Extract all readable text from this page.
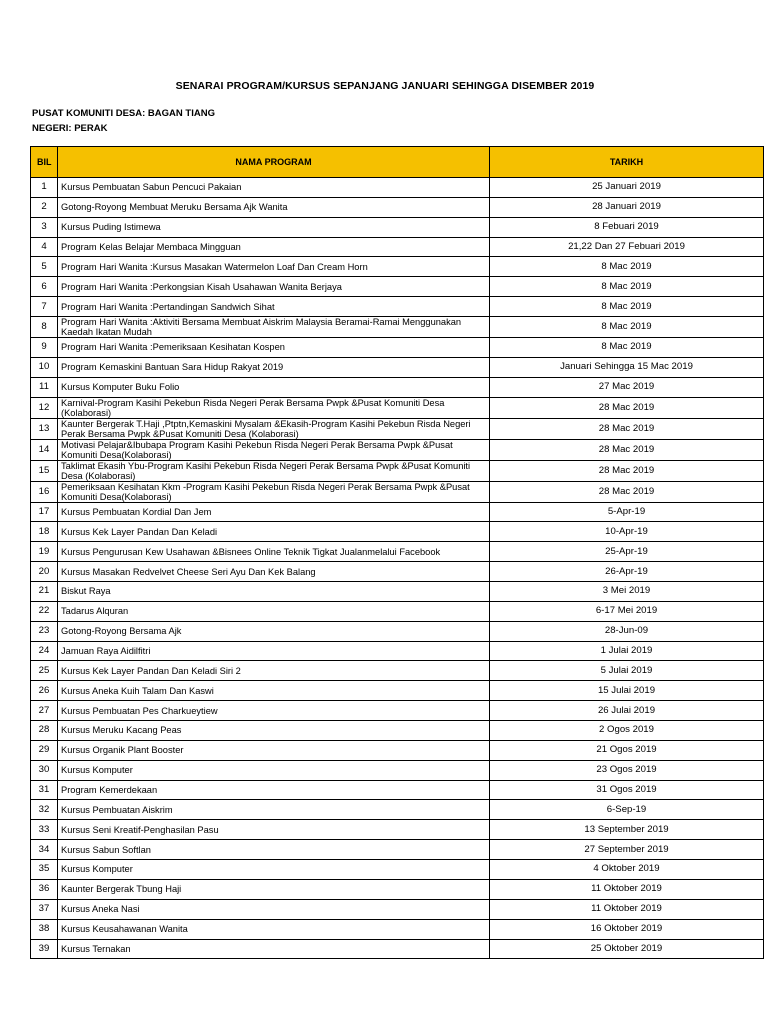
SENARAI PROGRAM/KURSUS SEPANJANG JANUARI SEHINGGA DISEMBER 2019
PUSAT KOMUNITI DESA: BAGAN TIANG
NEGERI: PERAK
BIL	NAMA PROGRAM	TARIKH
1	Kursus Pembuatan Sabun Pencuci Pakaian	25 Januari 2019
2	Gotong-Royong Membuat Meruku Bersama Ajk Wanita	28 Januari 2019
3	Kursus Puding Istimewa	8 Febuari 2019
4	Program Kelas Belajar Membaca Mingguan	21,22 Dan 27 Febuari 2019
5	Program Hari Wanita :Kursus Masakan Watermelon Loaf Dan Cream Horn	8 Mac 2019
6	Program Hari Wanita :Perkongsian Kisah Usahawan Wanita Berjaya	8 Mac 2019
7	Program Hari Wanita :Pertandingan Sandwich Sihat	8 Mac 2019
8	Program Hari Wanita :Aktiviti Bersama Membuat Aiskrim Malaysia Beramai-Ramai Menggunakan Kaedah Ikatan Mudah	8 Mac 2019
9	Program Hari Wanita :Pemeriksaan Kesihatan Kospen	8 Mac 2019
10	Program Kemaskini Bantuan Sara Hidup Rakyat 2019	Januari Sehingga 15 Mac 2019
11	Kursus Komputer Buku Folio	27 Mac 2019
12	Karnival-Program Kasihi Pekebun Risda Negeri Perak Bersama Pwpk &Pusat Komuniti Desa (Kolaborasi)	28 Mac 2019
13	Kaunter Bergerak T.Haji ,Ptptn,Kemaskini Mysalam &Ekasih-Program Kasihi Pekebun Risda Negeri Perak Bersama Pwpk &Pusat Komuniti Desa (Kolaborasi)	28 Mac 2019
14	Motivasi Pelajar&Ibubapa Program Kasihi Pekebun Risda Negeri Perak Bersama Pwpk &Pusat Komuniti Desa(Kolaborasi)	28 Mac 2019
15	Taklimat Ekasih Ybu-Program Kasihi Pekebun Risda Negeri Perak Bersama Pwpk &Pusat Komuniti Desa (Kolaborasi)	28 Mac 2019
16	Pemeriksaan Kesihatan Kkm -Program Kasihi Pekebun Risda Negeri Perak Bersama Pwpk &Pusat Komuniti Desa(Kolaborasi)	28 Mac 2019
17	Kursus Pembuatan Kordial Dan Jem	5-Apr-19
18	Kursus Kek Layer Pandan Dan Keladi	10-Apr-19
19	Kursus Pengurusan Kew Usahawan &Bisnees Online Teknik Tigkat Jualanmelalui Facebook	25-Apr-19
20	Kursus Masakan Redvelvet Cheese Seri Ayu Dan Kek Balang	26-Apr-19
21	Biskut Raya	3 Mei 2019
22	Tadarus Alquran	6-17 Mei 2019
23	Gotong-Royong Bersama Ajk	28-Jun-09
24	Jamuan Raya Aidilfitri	1 Julai 2019
25	Kursus Kek Layer Pandan Dan Keladi Siri 2	5 Julai 2019
26	Kursus Aneka Kuih Talam Dan Kaswi	15 Julai 2019
27	Kursus Pembuatan Pes Charkueytiew	26 Julai 2019
28	Kursus Meruku Kacang Peas	2 Ogos 2019
29	Kursus Organik Plant Booster	21 Ogos 2019
30	Kursus Komputer	23 Ogos 2019
31	Program Kemerdekaan	31 Ogos 2019
32	Kursus Pembuatan Aiskrim	6-Sep-19
33	Kursus Seni Kreatif-Penghasilan Pasu	13 September 2019
34	Kursus Sabun Softlan	27 September 2019
35	Kursus Komputer	4 Oktober 2019
36	Kaunter Bergerak Tbung Haji	11 Oktober 2019
37	Kursus Aneka Nasi	11 Oktober 2019
38	Kursus Keusahawanan Wanita	16 Oktober 2019
39	Kursus Ternakan	25 Oktober 2019
